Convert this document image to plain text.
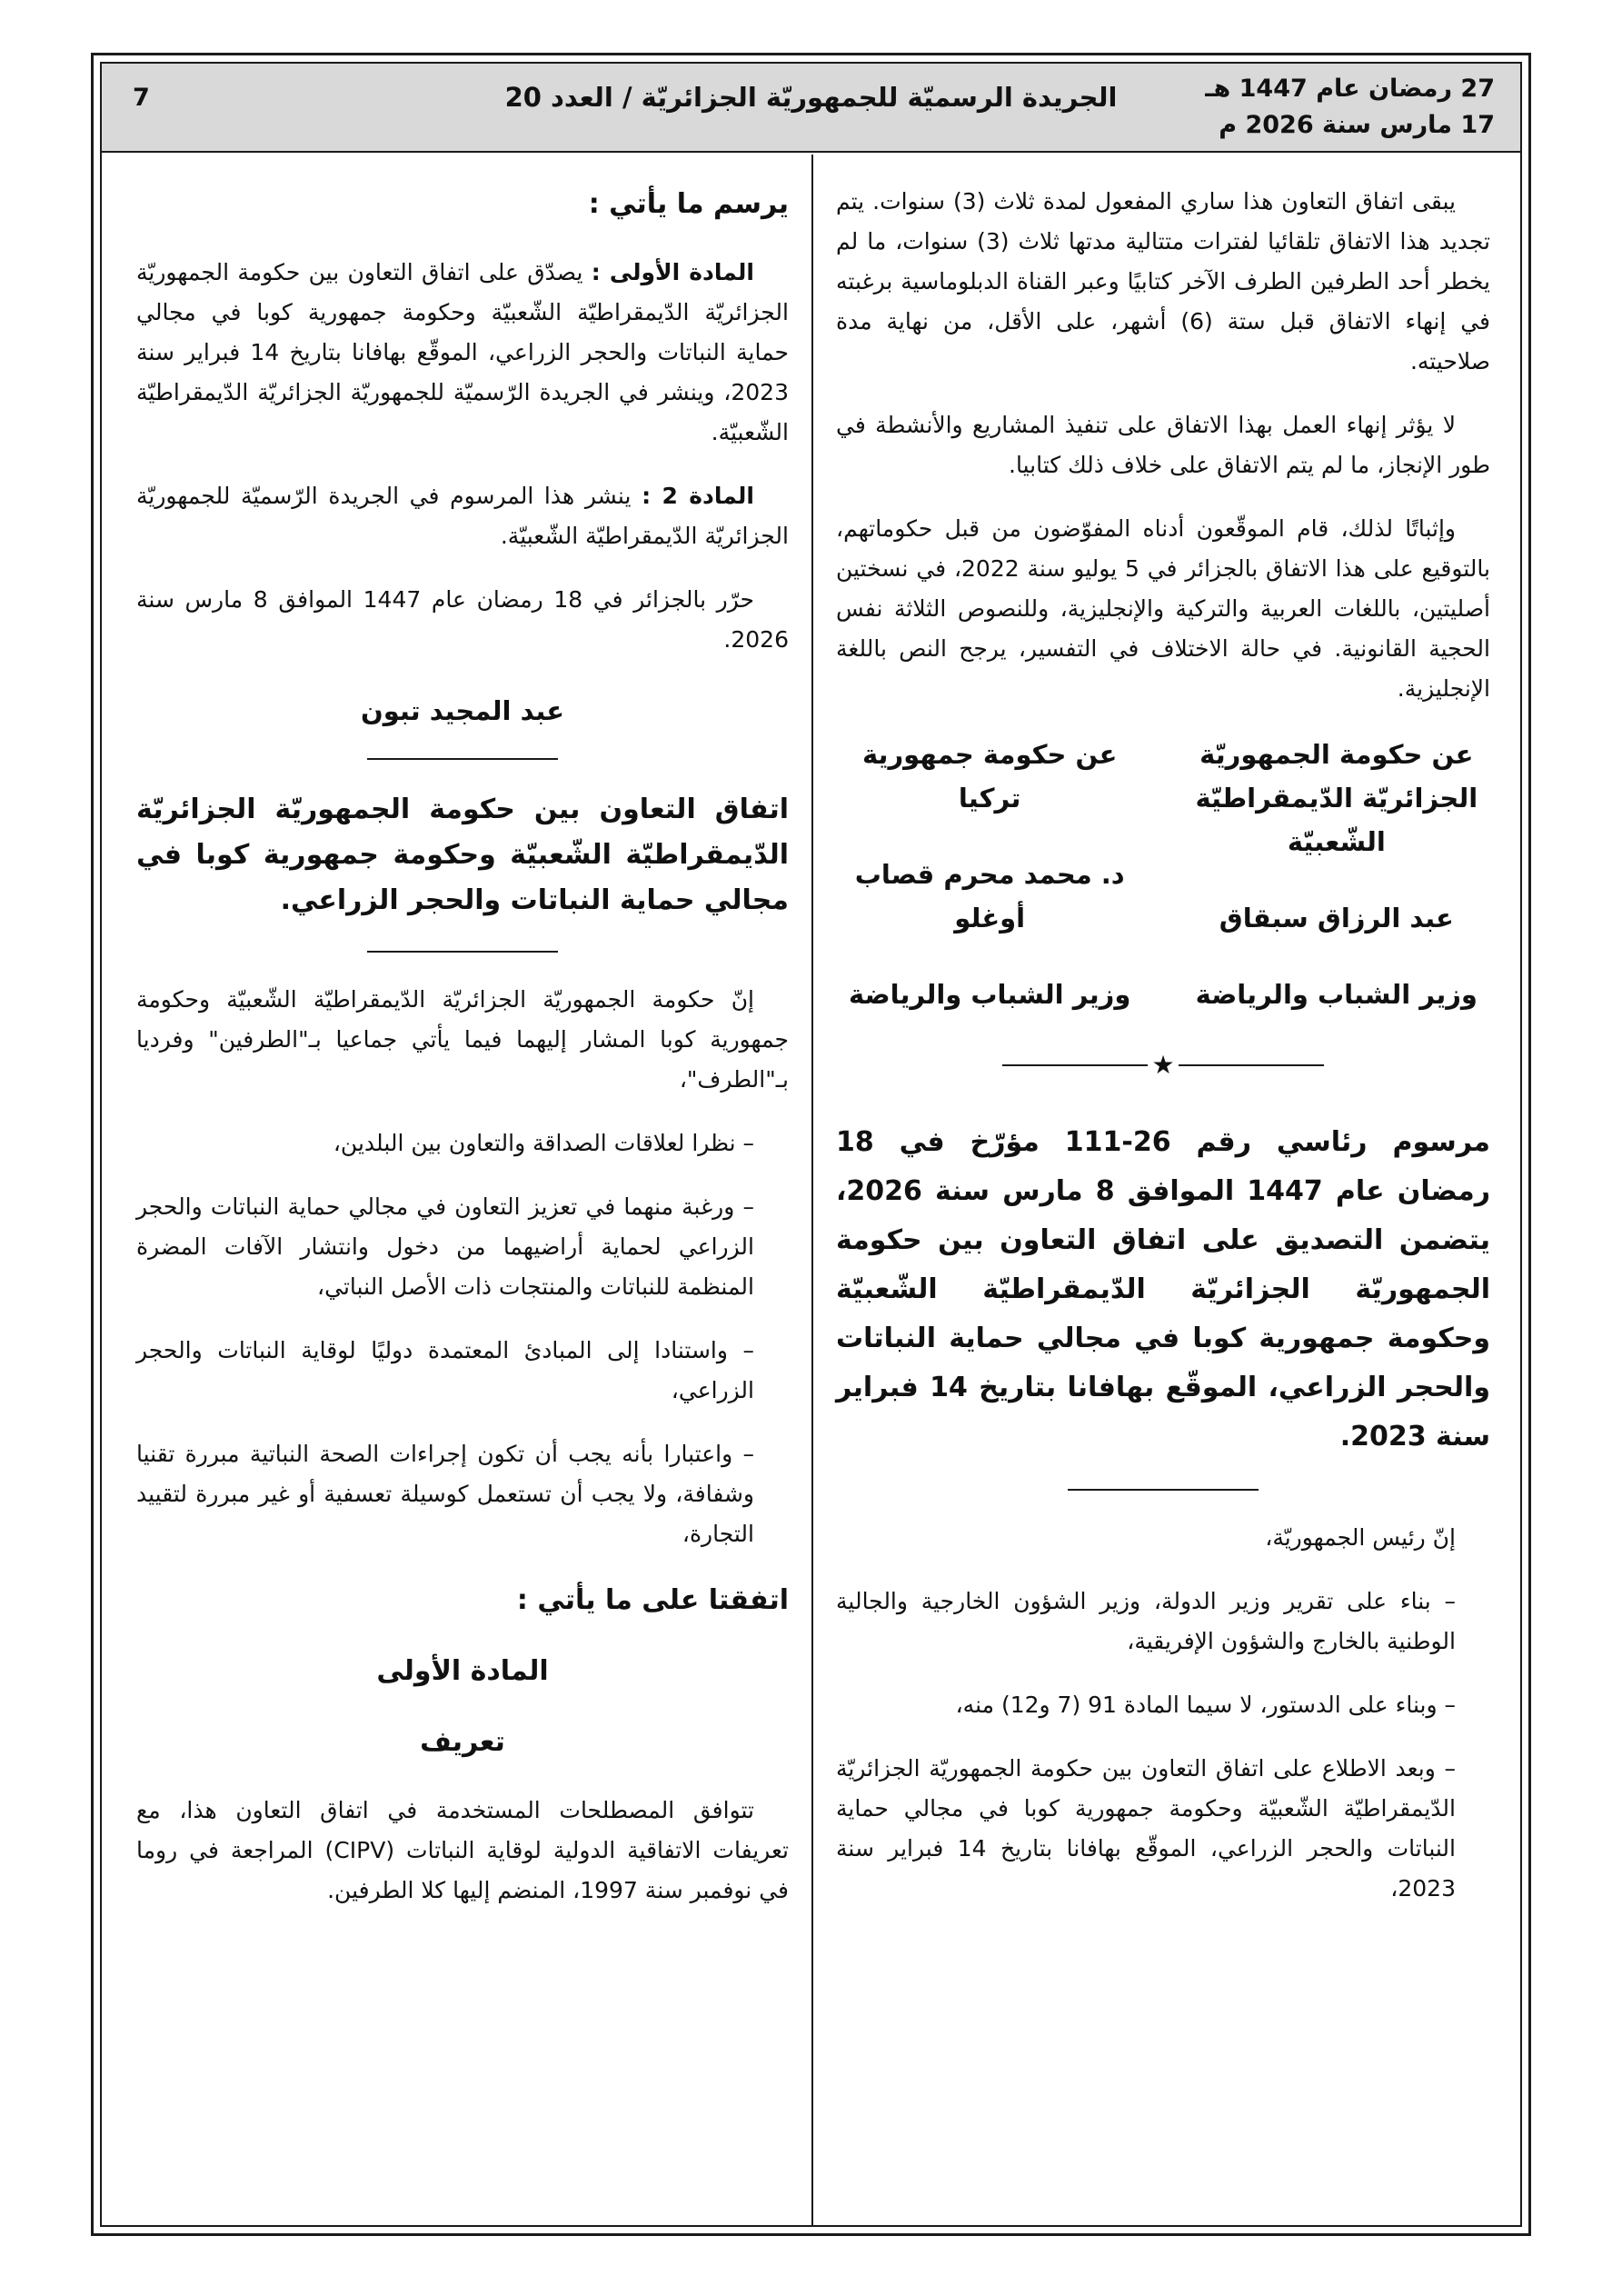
27 رمضان عام 1447 هـ
17 مارس سنة 2026 م
الجريدة الرسميّة للجمهوريّة الجزائريّة / العدد 20
7

يبقى اتفاق التعاون هذا ساري المفعول لمدة ثلاث (3) سنوات. يتم تجديد هذا الاتفاق تلقائيا لفترات متتالية مدتها ثلاث (3) سنوات، ما لم يخطر أحد الطرفين الطرف الآخر كتابيًا وعبر القناة الدبلوماسية برغبته في إنهاء الاتفاق قبل ستة (6) أشهر، على الأقل، من نهاية مدة صلاحيته.

لا يؤثر إنهاء العمل بهذا الاتفاق على تنفيذ المشاريع والأنشطة في طور الإنجاز، ما لم يتم الاتفاق على خلاف ذلك كتابيا.

وإثباتًا لذلك، قام الموقّعون أدناه المفوّضون من قبل حكوماتهم، بالتوقيع على هذا الاتفاق بالجزائر في 5 يوليو سنة 2022، في نسختين أصليتين، باللغات العربية والتركية والإنجليزية، وللنصوص الثلاثة نفس الحجية القانونية. في حالة الاختلاف في التفسير، يرجح النص باللغة الإنجليزية.

عن حكومة الجمهوريّة الجزائريّة الدّيمقراطيّة الشّعبيّة
عبد الرزاق سبقاق
وزير الشباب والرياضة
عن حكومة جمهورية تركيا
د. محمد محرم قصاب أوغلو
وزير الشباب والرياضة
★

مرسوم رئاسي رقم 26-111 مؤرّخ في 18 رمضان عام 1447 الموافق 8 مارس سنة 2026، يتضمن التصديق على اتفاق التعاون بين حكومة الجمهوريّة الجزائريّة الدّيمقراطيّة الشّعبيّة وحكومة جمهورية كوبا في مجالي حماية النباتات والحجر الزراعي، الموقّع بهافانا بتاريخ 14 فبراير سنة 2023.

إنّ رئيس الجمهوريّة،

– بناء على تقرير وزير الدولة، وزير الشؤون الخارجية والجالية الوطنية بالخارج والشؤون الإفريقية،

– وبناء على الدستور، لا سيما المادة 91 (7 و12) منه،

– وبعد الاطلاع على اتفاق التعاون بين حكومة الجمهوريّة الجزائريّة الدّيمقراطيّة الشّعبيّة وحكومة جمهورية كوبا في مجالي حماية النباتات والحجر الزراعي، الموقّع بهافانا بتاريخ 14 فبراير سنة 2023،

يرسم ما يأتي :

المادة الأولى : يصدّق على اتفاق التعاون بين حكومة الجمهوريّة الجزائريّة الدّيمقراطيّة الشّعبيّة وحكومة جمهورية كوبا في مجالي حماية النباتات والحجر الزراعي، الموقّع بهافانا بتاريخ 14 فبراير سنة 2023، وينشر في الجريدة الرّسميّة للجمهوريّة الجزائريّة الدّيمقراطيّة الشّعبيّة.

المادة 2 : ينشر هذا المرسوم في الجريدة الرّسميّة للجمهوريّة الجزائريّة الدّيمقراطيّة الشّعبيّة.

حرّر بالجزائر في 18 رمضان عام 1447 الموافق 8 مارس سنة 2026.

عبد المجيد تبون

اتفاق التعاون بين حكومة الجمهوريّة الجزائريّة الدّيمقراطيّة الشّعبيّة وحكومة جمهورية كوبا في مجالي حماية النباتات والحجر الزراعي.

إنّ حكومة الجمهوريّة الجزائريّة الدّيمقراطيّة الشّعبيّة وحكومة جمهورية كوبا المشار إليهما فيما يأتي جماعيا بـ"الطرفين" وفرديا بـ"الطرف"،

– نظرا لعلاقات الصداقة والتعاون بين البلدين،

– ورغبة منهما في تعزيز التعاون في مجالي حماية النباتات والحجر الزراعي لحماية أراضيهما من دخول وانتشار الآفات المضرة المنظمة للنباتات والمنتجات ذات الأصل النباتي،

– واستنادا إلى المبادئ المعتمدة دوليًا لوقاية النباتات والحجر الزراعي،

– واعتبارا بأنه يجب أن تكون إجراءات الصحة النباتية مبررة تقنيا وشفافة، ولا يجب أن تستعمل كوسيلة تعسفية أو غير مبررة لتقييد التجارة،

اتفقتا على ما يأتي :

المادة الأولى

تعريف

تتوافق المصطلحات المستخدمة في اتفاق التعاون هذا، مع تعريفات الاتفاقية الدولية لوقاية النباتات (CIPV) المراجعة في روما في نوفمبر سنة 1997، المنضم إليها كلا الطرفين.
